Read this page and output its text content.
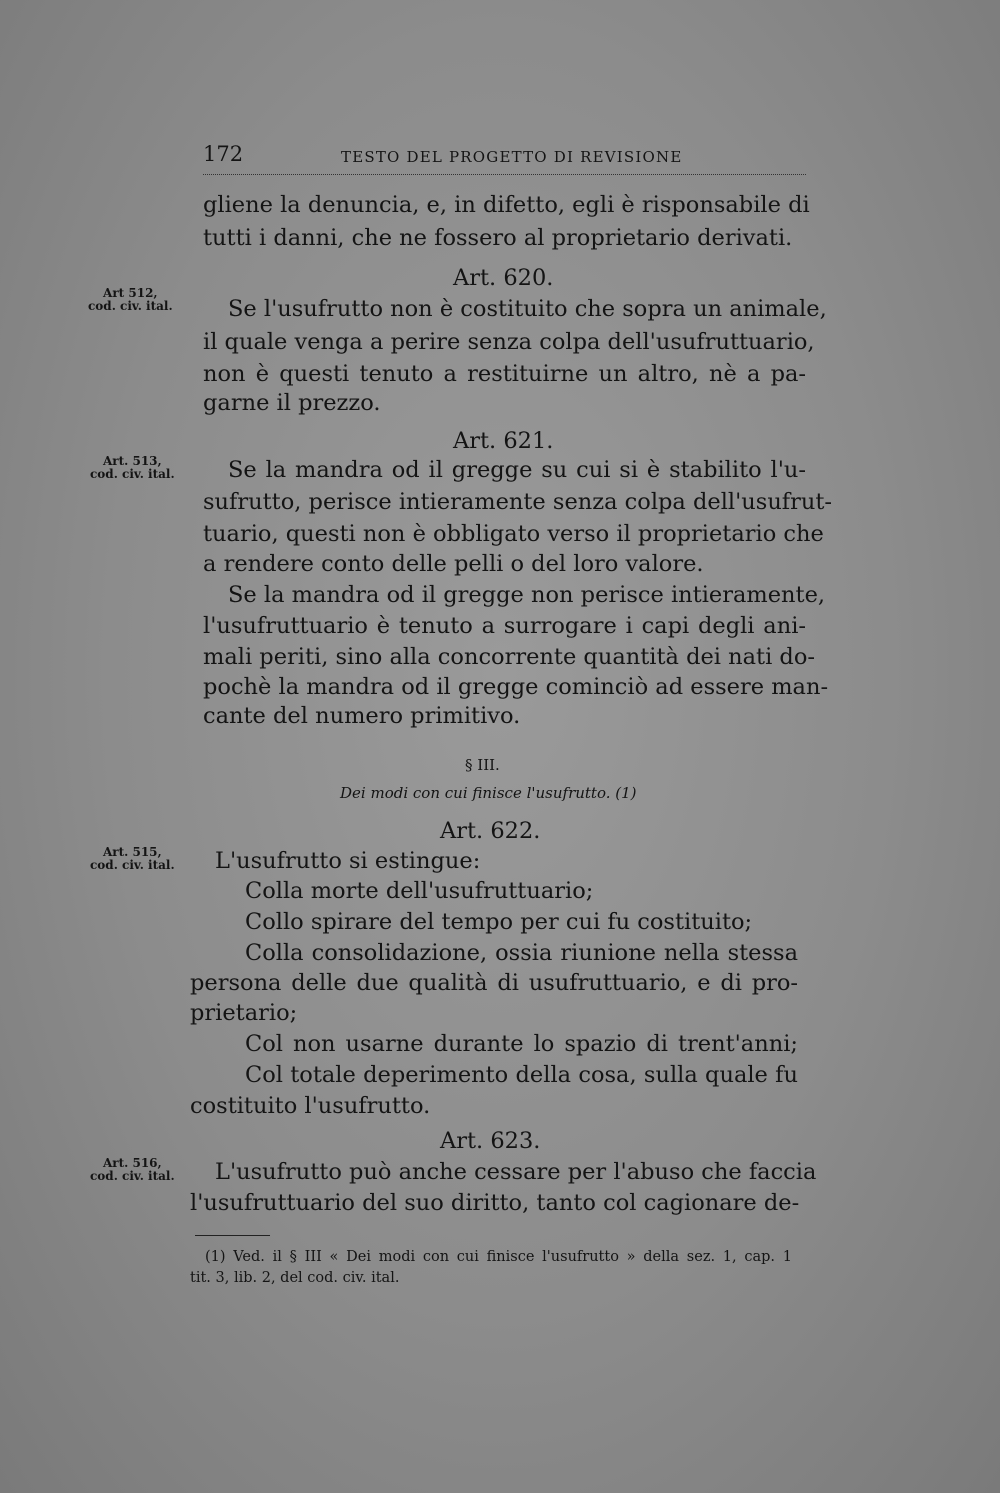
172	TESTO DEL PROGETTO DI REVISIONE
Art 512,
cod. civ. ital.
Art. 513,
cod. civ. ital.
Art. 515,
cod. civ. ital.
Art. 516,
cod. civ. ital.
gliene la denuncia, e, in difetto, egli è risponsabile di
tutti i danni, che ne fossero al proprietario derivati.
Art. 620.
Se l'usufrutto non è costituito che sopra un animale,
il quale venga a perire senza colpa dell'usufruttuario,
non è questi tenuto a restituirne un altro, nè a pa-
garne il prezzo.
Art. 621.
Se la mandra od il gregge su cui si è stabilito l'u-
sufrutto, perisce intieramente senza colpa dell'usufrut-
tuario, questi non è obbligato verso il proprietario che
a rendere conto delle pelli o del loro valore.
Se la mandra od il gregge non perisce intieramente,
l'usufruttuario è tenuto a surrogare i capi degli ani-
mali periti, sino alla concorrente quantità dei nati do-
pochè la mandra od il gregge cominciò ad essere man-
cante del numero primitivo.
§ III.
Dei modi con cui finisce l'usufrutto. (1)
Art. 622.
L'usufrutto si estingue:
Colla morte dell'usufruttuario;
Collo spirare del tempo per cui fu costituito;
Colla consolidazione, ossia riunione nella stessa
persona delle due qualità di usufruttuario, e di pro-
prietario;
Col non usarne durante lo spazio di trent'anni;
Col totale deperimento della cosa, sulla quale fu
costituito l'usufrutto.
Art. 623.
L'usufrutto può anche cessare per l'abuso che faccia
l'usufruttuario del suo diritto, tanto col cagionare de-
(1) Ved. il § III « Dei modi con cui finisce l'usufrutto » della sez. 1, cap. 1
tit. 3, lib. 2, del cod. civ. ital.
